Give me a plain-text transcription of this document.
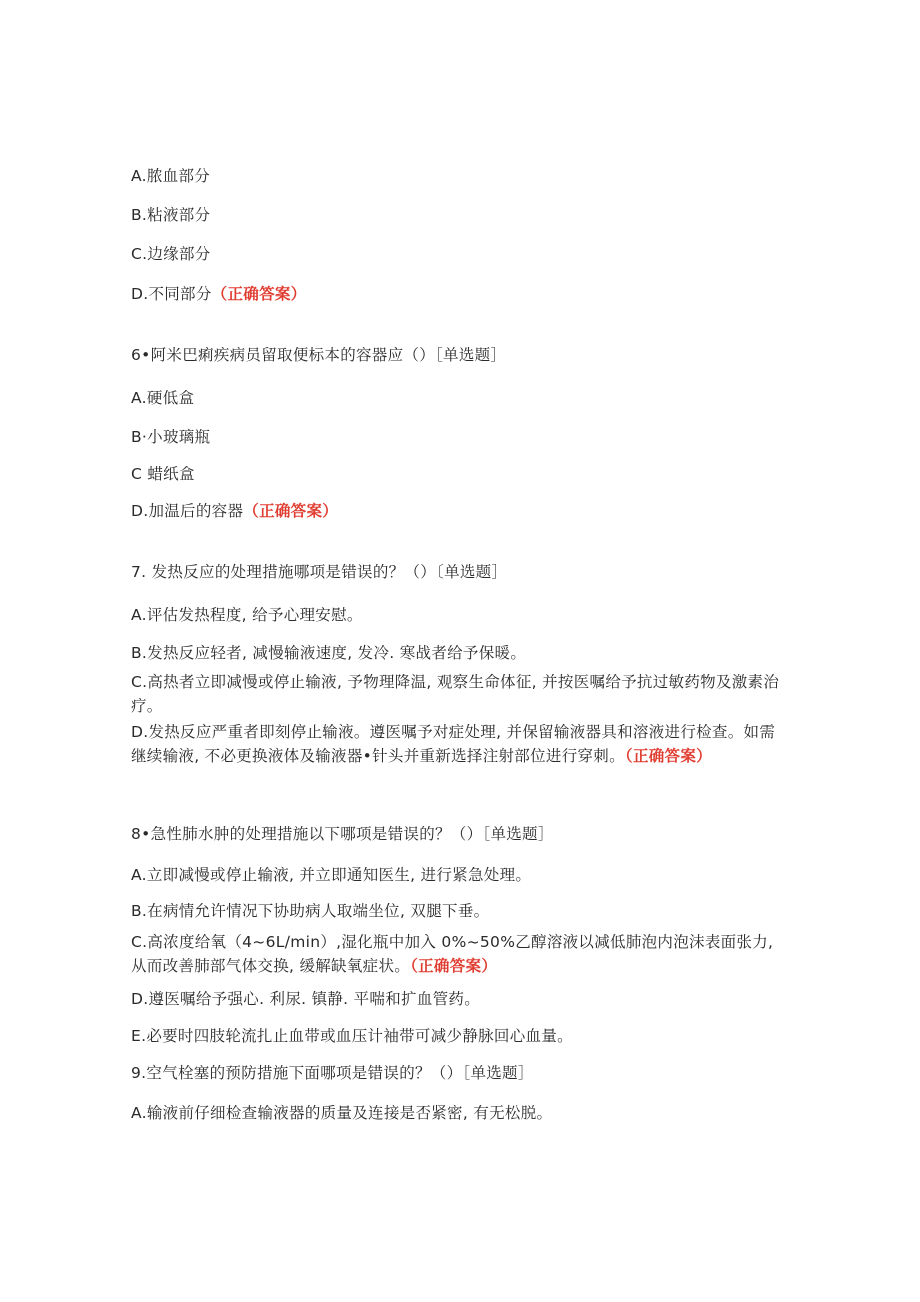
A.脓血部分
B.粘液部分
C.边缘部分
D.不同部分（正确答案）
6•阿米巴痢疾病员留取便标本的容器应（）［单选题］
A.硬低盒
B·小玻璃瓶
C 蜡纸盒
D.加温后的容器（正确答案）
7. 发热反应的处理措施哪项是错误的？（）〔单选题］
A.评估发热程度, 给予心理安慰。
B.发热反应轻者, 减慢输液速度, 发冷. 寒战者给予保暖。
C.高热者立即减慢或停止输液, 予物理降温, 观察生命体征, 并按医嘱给予抗过敏药物及激素治疗。
D.发热反应严重者即刻停止输液。遵医嘱予对症处理, 并保留输液器具和溶液进行检查。如需继续输液, 不必更换液体及输液器•针头并重新选择注射部位进行穿刺。（正确答案）
8•急性肺水肿的处理措施以下哪项是错误的？（）［单选题］
A.立即减慢或停止输液, 并立即通知医生, 进行紧急处理。
B.在病情允许情况下协助病人取端坐位, 双腿下垂。
C.高浓度给氧（4~6L∕min）,湿化瓶中加入 0%~50%乙醇溶液以减低肺泡内泡沫表面张力, 从而改善肺部气体交换, 缓解缺氧症状。（正确答案）
D.遵医嘱给予强心. 利尿. 镇静. 平喘和扩血管药。
E.必要时四肢轮流扎止血带或血压计袖带可减少静脉回心血量。
9.空气栓塞的预防措施下面哪项是错误的？（）［单选题］
A.输液前仔细检查输液器的质量及连接是否紧密, 有无松脱。
